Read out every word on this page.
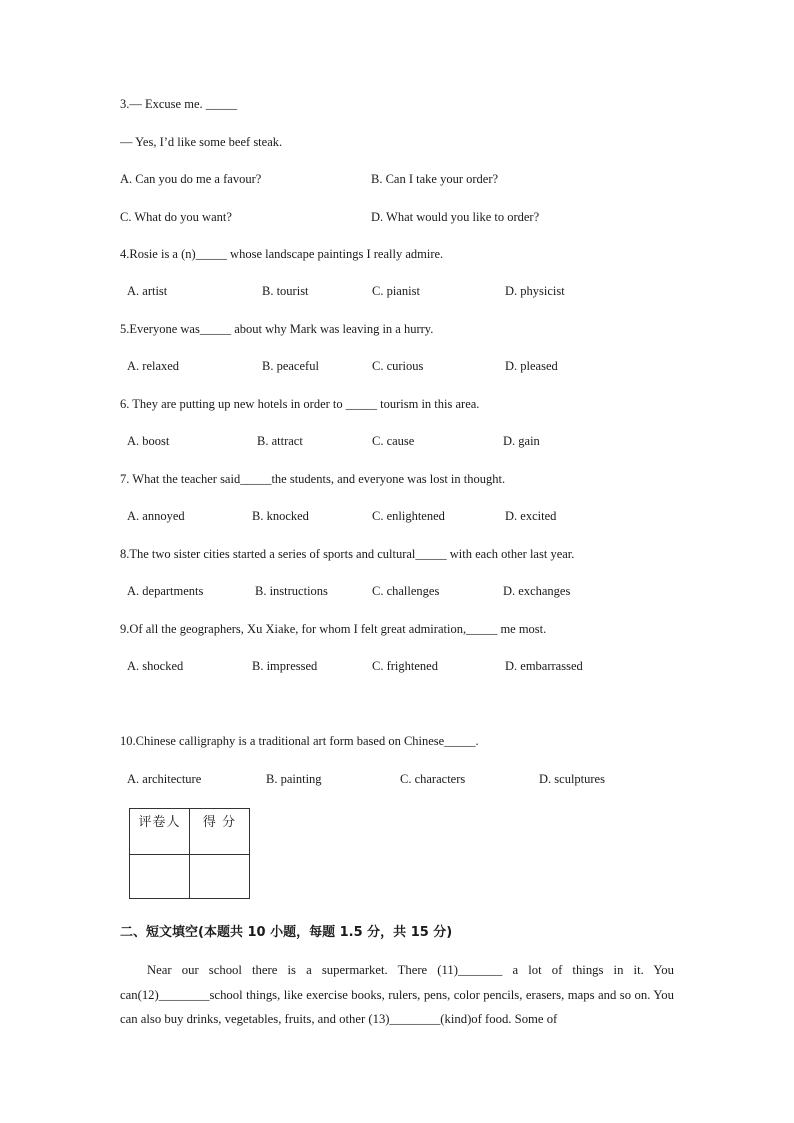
3.— Excuse me. _____
— Yes, I’d like some beef steak.
A. Can you do me a favour?	B. Can I take your order?
C. What do you want?	D. What would you like to order?
4.Rosie is a (n)_____ whose landscape paintings I really admire.
A. artist	B. tourist	C. pianist	D. physicist
5.Everyone was_____ about why Mark was leaving in a hurry.
A. relaxed	B. peaceful	C. curious	D. pleased
6. They are putting up new hotels in order to _____ tourism in this area.
A. boost	B. attract	C. cause	D. gain
7. What the teacher said_____the students, and everyone was lost in thought.
A. annoyed	B. knocked	C. enlightened	D. excited
8.The two sister cities started a series of sports and cultural_____ with each other last year.
A. departments	B. instructions	C. challenges	D. exchanges
9.Of all the geographers, Xu Xiake, for whom I felt great admiration,_____ me most.
A. shocked	B. impressed	C. frightened	D. embarrassed
10.Chinese calligraphy is a traditional art form based on Chinese_____.
A. architecture	B. painting	C. characters	D. sculptures
评卷人	得 分

二、短文填空(本题共 10 小题，每题 1.5 分，共 15 分)

Near our school there is a supermarket. There (11)_______ a lot of things in it. You can(12)________school things, like exercise books, rulers, pens, color pencils, erasers, maps and so on. You can also buy drinks, vegetables, fruits, and other (13)________(kind)of food. Some of
